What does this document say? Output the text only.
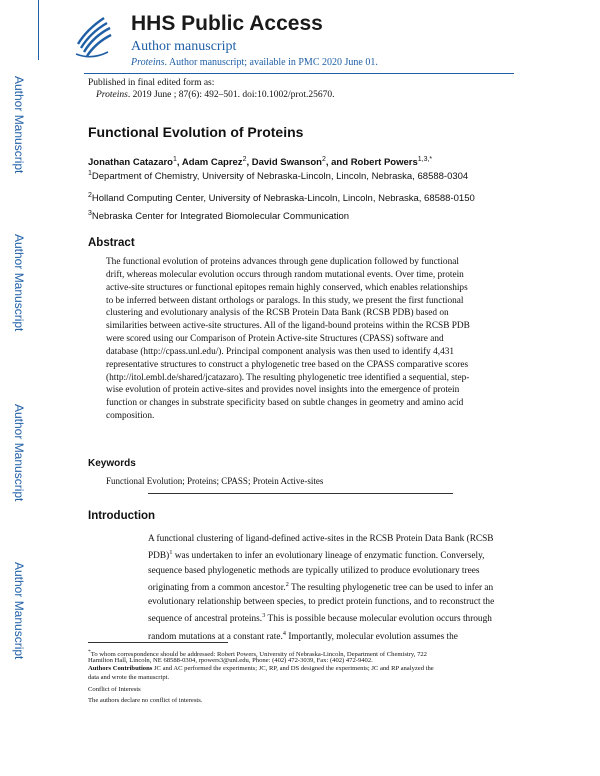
Author Manuscript
Author Manuscript
Author Manuscript
Author Manuscript
HHS Public Access
Author manuscript
Proteins. Author manuscript; available in PMC 2020 June 01.
Published in final edited form as:
Proteins. 2019 June ; 87(6): 492–501. doi:10.1002/prot.25670.
Functional Evolution of Proteins
Jonathan Catazaro$^1$, Adam Caprez$^2$, David Swanson$^2$, and Robert Powers$^{1,3,*}$
$^1$Department of Chemistry, University of Nebraska-Lincoln, Lincoln, Nebraska, 68588-0304
$^2$Holland Computing Center, University of Nebraska-Lincoln, Lincoln, Nebraska, 68588-0150
$^3$Nebraska Center for Integrated Biomolecular Communication
Abstract
The functional evolution of proteins advances through gene duplication followed by functional
drift, whereas molecular evolution occurs through random mutational events. Over time, protein
active-site structures or functional epitopes remain highly conserved, which enables relationships
to be inferred between distant orthologs or paralogs. In this study, we present the first functional
clustering and evolutionary analysis of the RCSB Protein Data Bank (RCSB PDB) based on
similarities between active-site structures. All of the ligand-bound proteins within the RCSB PDB
were scored using our Comparison of Protein Active-site Structures (CPASS) software and
database (http://cpass.unl.edu/). Principal component analysis was then used to identify 4,431
representative structures to construct a phylogenetic tree based on the CPASS comparative scores
(http://itol.embl.de/shared/jcatazaro). The resulting phylogenetic tree identified a sequential, step-
wise evolution of protein active-sites and provides novel insights into the emergence of protein
function or changes in substrate specificity based on subtle changes in geometry and amino acid
composition.
Keywords
Functional Evolution; Proteins; CPASS; Protein Active-sites
Introduction
A functional clustering of ligand-defined active-sites in the RCSB Protein Data Bank (RCSB
PDB)$^1$ was undertaken to infer an evolutionary lineage of enzymatic function. Conversely,
sequence based phylogenetic methods are typically utilized to produce evolutionary trees
originating from a common ancestor.$^2$ The resulting phylogenetic tree can be used to infer an
evolutionary relationship between species, to predict protein functions, and to reconstruct the
sequence of ancestral proteins.$^3$ This is possible because molecular evolution occurs through
random mutations at a constant rate.$^4$ Importantly, molecular evolution assumes the
*To whom correspondence should be addressed: Robert Powers, University of Nebraska-Lincoln, Department of Chemistry, 722
Hamilton Hall, Lincoln, NE 68588-0304, rpowers3@unl.edu, Phone: (402) 472-3039, Fax: (402) 472-9402.
Authors Contributions JC and AC performed the experiments; JC, RP, and DS designed the experiments; JC and RP analyzed the
data and wrote the manuscript.
Conflict of Interests
The authors declare no conflict of interests.
